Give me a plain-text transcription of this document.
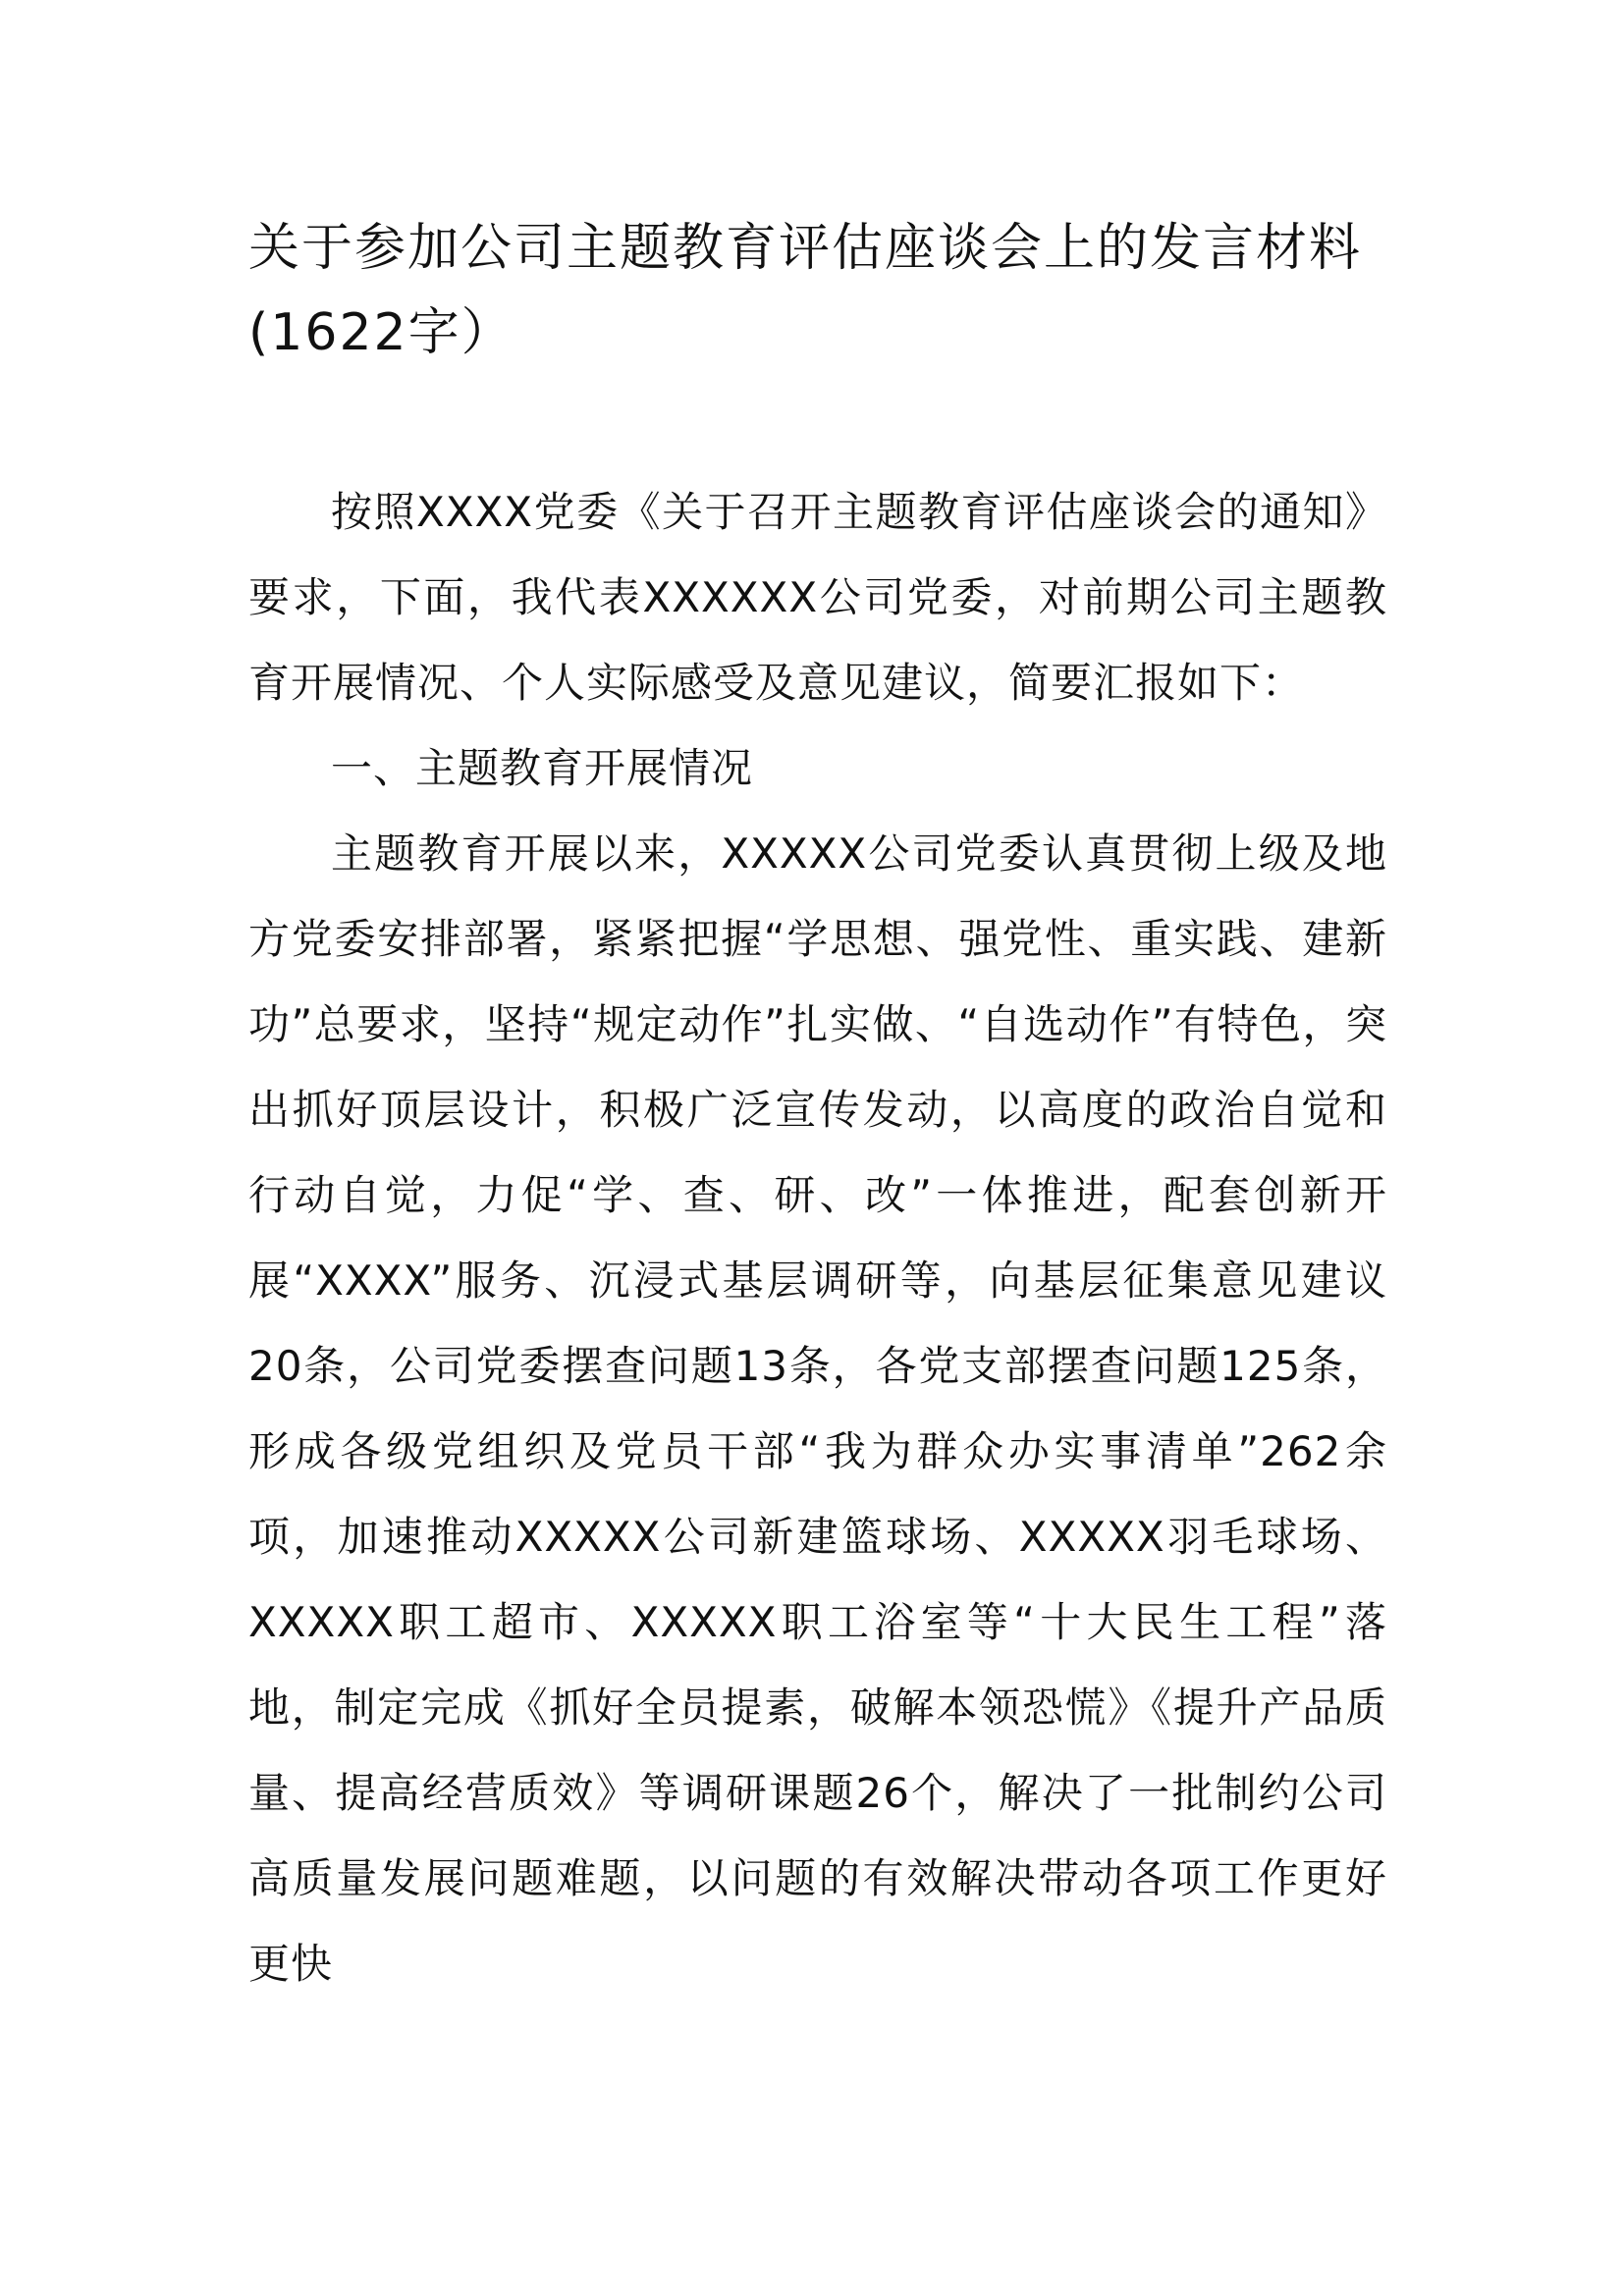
关于参加公司主题教育评估座谈会上的发言材料(1622字）

按照XXXX党委《关于召开主题教育评估座谈会的通知》要求，下面，我代表XXXXXX公司党委，对前期公司主题教育开展情况、个人实际感受及意见建议，简要汇报如下：

一、主题教育开展情况

主题教育开展以来，XXXXX公司党委认真贯彻上级及地方党委安排部署，紧紧把握“学思想、强党性、重实践、建新功”总要求，坚持“规定动作”扎实做、“自选动作”有特色，突出抓好顶层设计，积极广泛宣传发动，以高度的政治自觉和行动自觉，力促“学、查、研、改”一体推进，配套创新开展“XXXX”服务、沉浸式基层调研等，向基层征集意见建议20条，公司党委摆查问题13条，各党支部摆查问题125条，形成各级党组织及党员干部“我为群众办实事清单”262余项，加速推动XXXXX公司新建篮球场、XXXXX羽毛球场、XXXXX职工超市、XXXXX职工浴室等“十大民生工程”落地，制定完成《抓好全员提素，破解本领恐慌》《提升产品质量、提高经营质效》等调研课题26个，解决了一批制约公司高质量发展问题难题，以问题的有效解决带动各项工作更好更快
